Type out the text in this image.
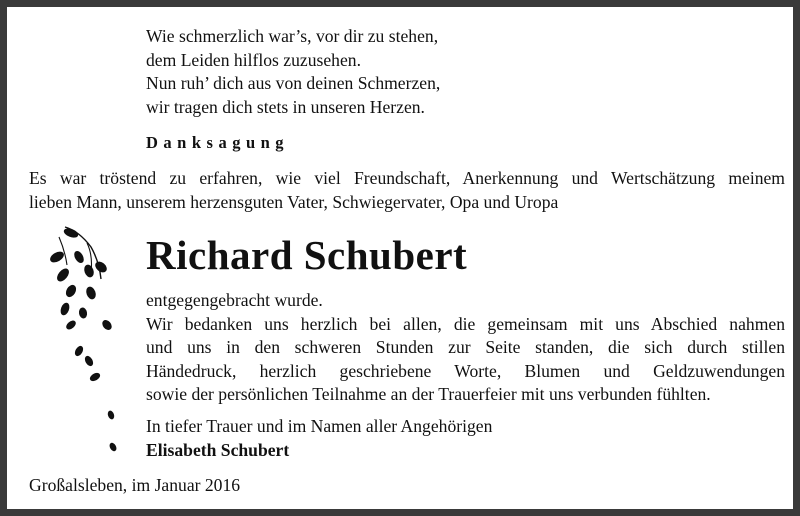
Wie schmerzlich war’s, vor dir zu stehen,
dem Leiden hilflos zuzusehen.
Nun ruh’ dich aus von deinen Schmerzen,
wir tragen dich stets in unseren Herzen.
Danksagung
Es war tröstend zu erfahren, wie viel Freundschaft, Anerkennung und Wertschätzung meinem
lieben Mann, unserem herzensguten Vater, Schwiegervater, Opa und Uropa
Richard Schubert
entgegengebracht wurde.
Wir bedanken uns herzlich bei allen, die gemeinsam mit uns Abschied nahmen
und uns in den schweren Stunden zur Seite standen, die sich durch stillen
Händedruck, herzlich geschriebene Worte, Blumen und Geldzuwendungen
sowie der persönlichen Teilnahme an der Trauerfeier mit uns verbunden fühlten.
In tiefer Trauer und im Namen aller Angehörigen
Elisabeth Schubert
Großalsleben, im Januar 2016
